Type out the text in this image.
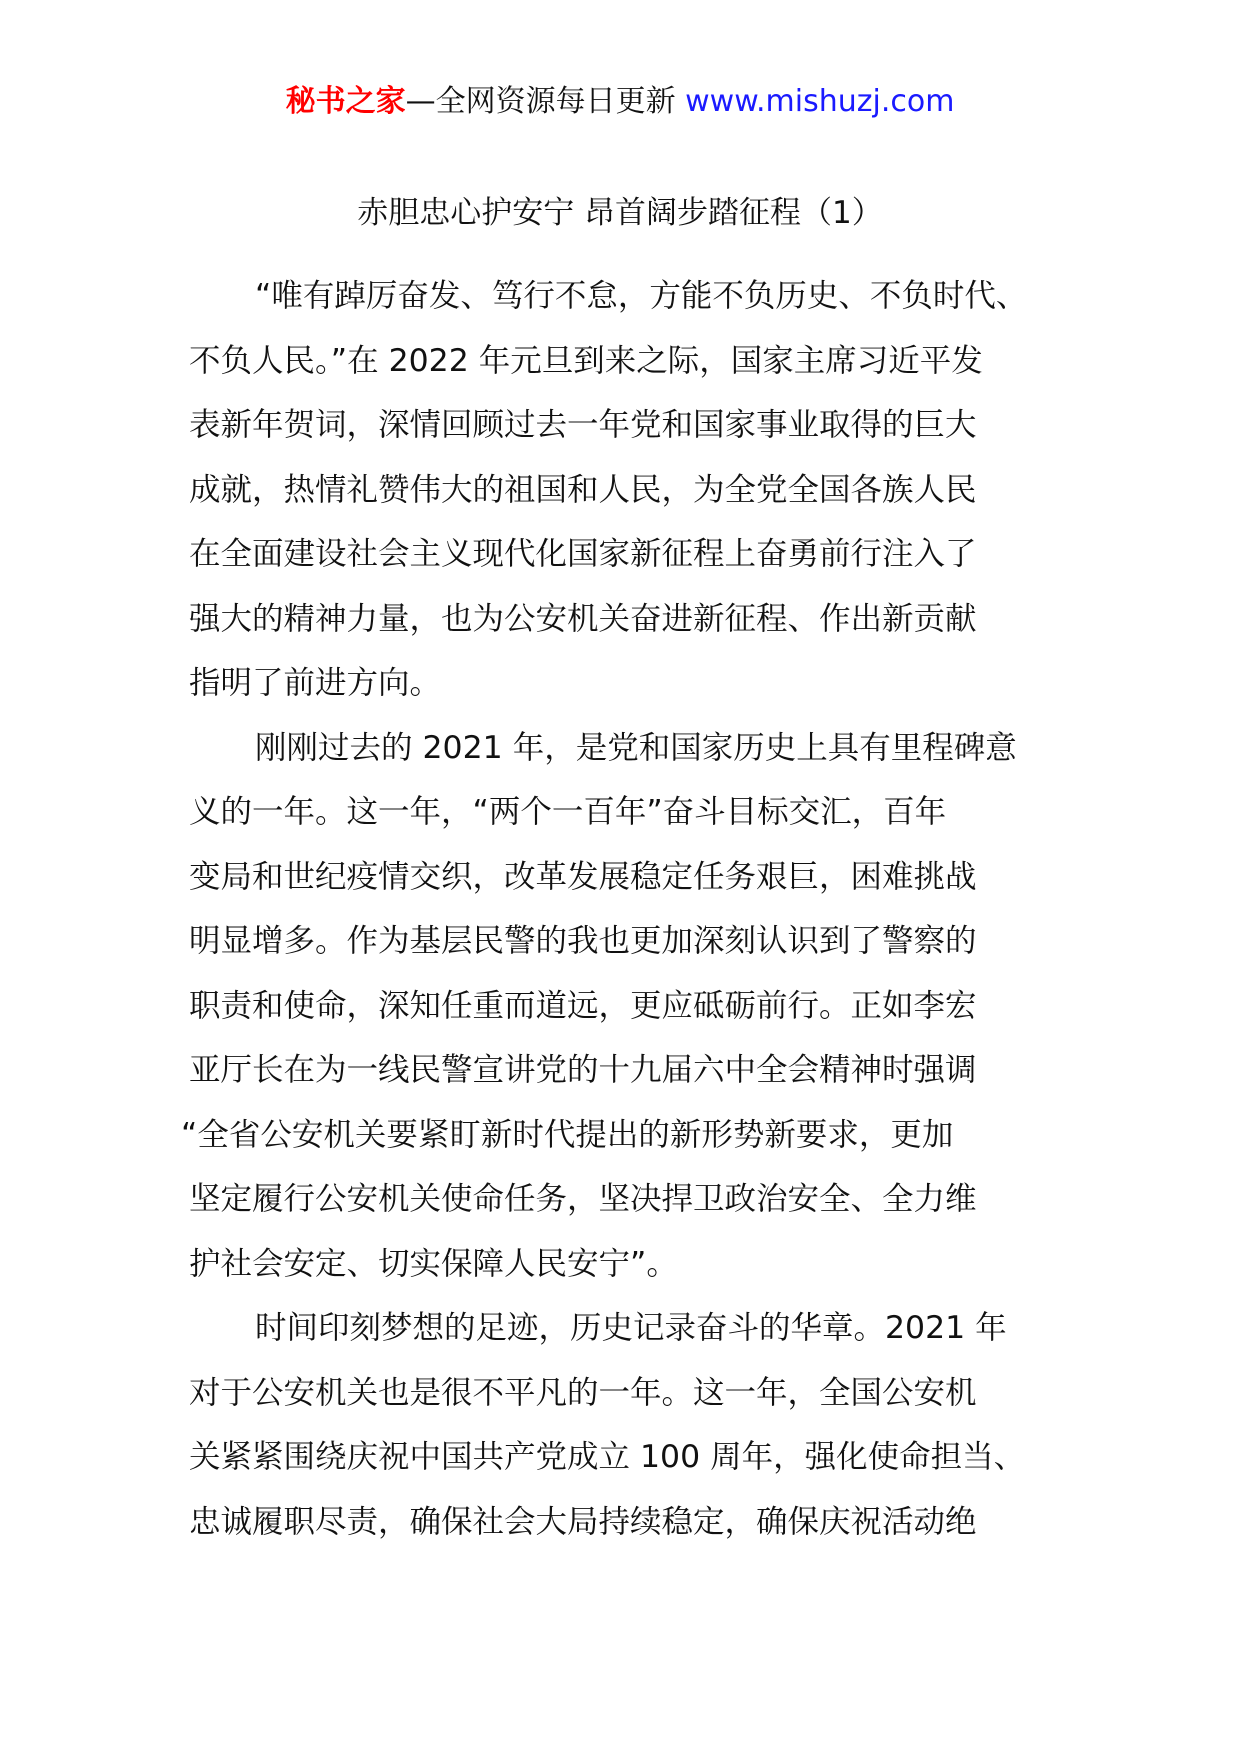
秘书之家—全网资源每日更新 www.mishuzj.com
赤胆忠心护安宁 昂首阔步踏征程（1）
“唯有踔厉奋发、笃行不怠，方能不负历史、不负时代、
不负人民。”在 2022 年元旦到来之际，国家主席习近平发
表新年贺词，深情回顾过去一年党和国家事业取得的巨大
成就，热情礼赞伟大的祖国和人民，为全党全国各族人民
在全面建设社会主义现代化国家新征程上奋勇前行注入了
强大的精神力量，也为公安机关奋进新征程、作出新贡献
指明了前进方向。
刚刚过去的 2021 年，是党和国家历史上具有里程碑意
义的一年。这一年，“两个一百年”奋斗目标交汇，百年
变局和世纪疫情交织，改革发展稳定任务艰巨，困难挑战
明显增多。作为基层民警的我也更加深刻认识到了警察的
职责和使命，深知任重而道远，更应砥砺前行。正如李宏
亚厅长在为一线民警宣讲党的十九届六中全会精神时强调
“全省公安机关要紧盯新时代提出的新形势新要求，更加
坚定履行公安机关使命任务，坚决捍卫政治安全、全力维
护社会安定、切实保障人民安宁”。
时间印刻梦想的足迹，历史记录奋斗的华章。2021 年
对于公安机关也是很不平凡的一年。这一年，全国公安机
关紧紧围绕庆祝中国共产党成立 100 周年，强化使命担当、
忠诚履职尽责，确保社会大局持续稳定，确保庆祝活动绝
